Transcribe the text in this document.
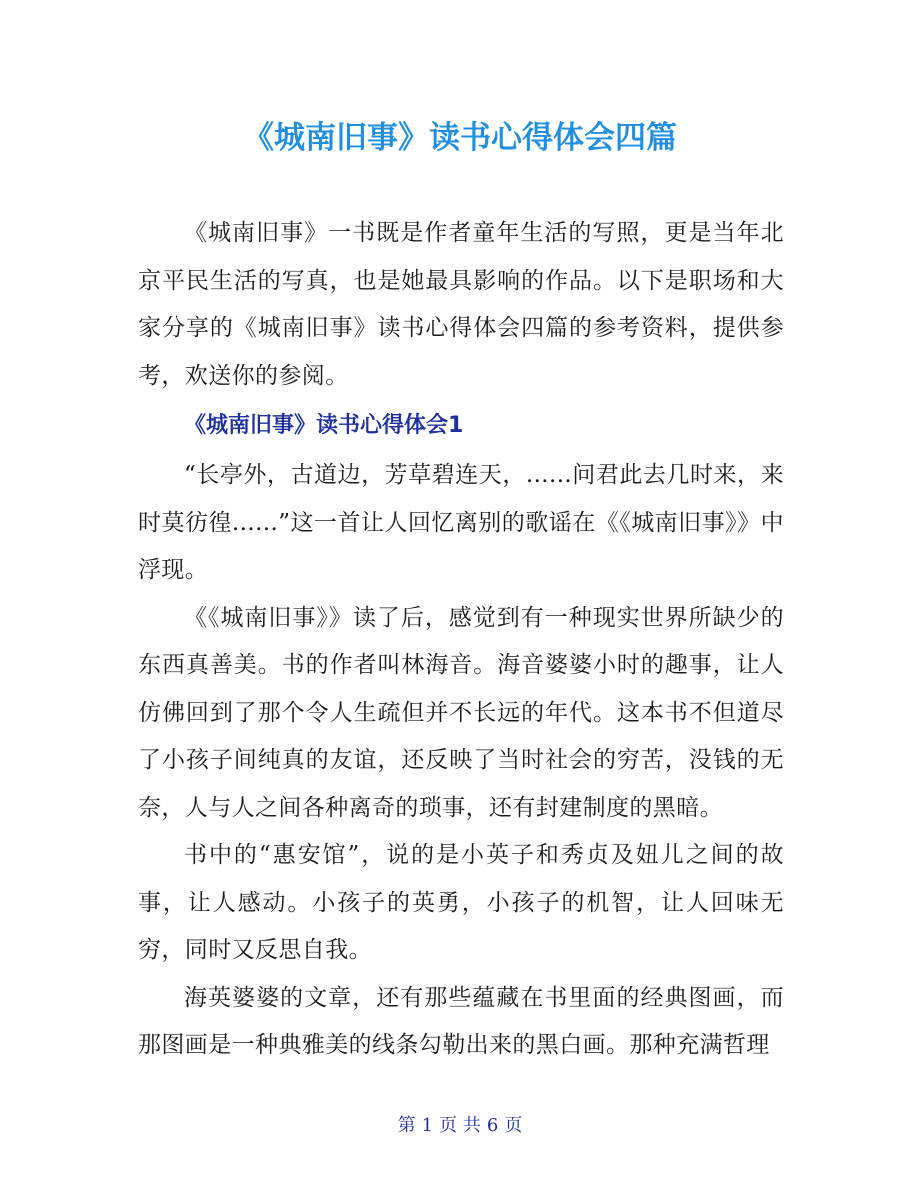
《城南旧事》读书心得体会四篇

《城南旧事》一书既是作者童年生活的写照，更是当年北京平民生活的写真，也是她最具影响的作品。以下是职场和大家分享的《城南旧事》读书心得体会四篇的参考资料，提供参考，欢送你的参阅。

《城南旧事》读书心得体会1

“长亭外，古道边，芳草碧连天，......问君此去几时来，来时莫彷徨......”这一首让人回忆离别的歌谣在《《城南旧事》》中浮现。

《《城南旧事》》读了后，感觉到有一种现实世界所缺少的东西真善美。书的作者叫林海音。海音婆婆小时的趣事，让人仿佛回到了那个令人生疏但并不长远的年代。这本书不但道尽了小孩子间纯真的友谊，还反映了当时社会的穷苦，没钱的无奈，人与人之间各种离奇的琐事，还有封建制度的黑暗。

书中的“惠安馆”，说的是小英子和秀贞及妞儿之间的故事，让人感动。小孩子的英勇，小孩子的机智，让人回味无穷，同时又反思自我。

海英婆婆的文章，还有那些蕴藏在书里面的经典图画，而那图画是一种典雅美的线条勾勒出来的黑白画。那种充满哲理

第 1 页 共 6 页
